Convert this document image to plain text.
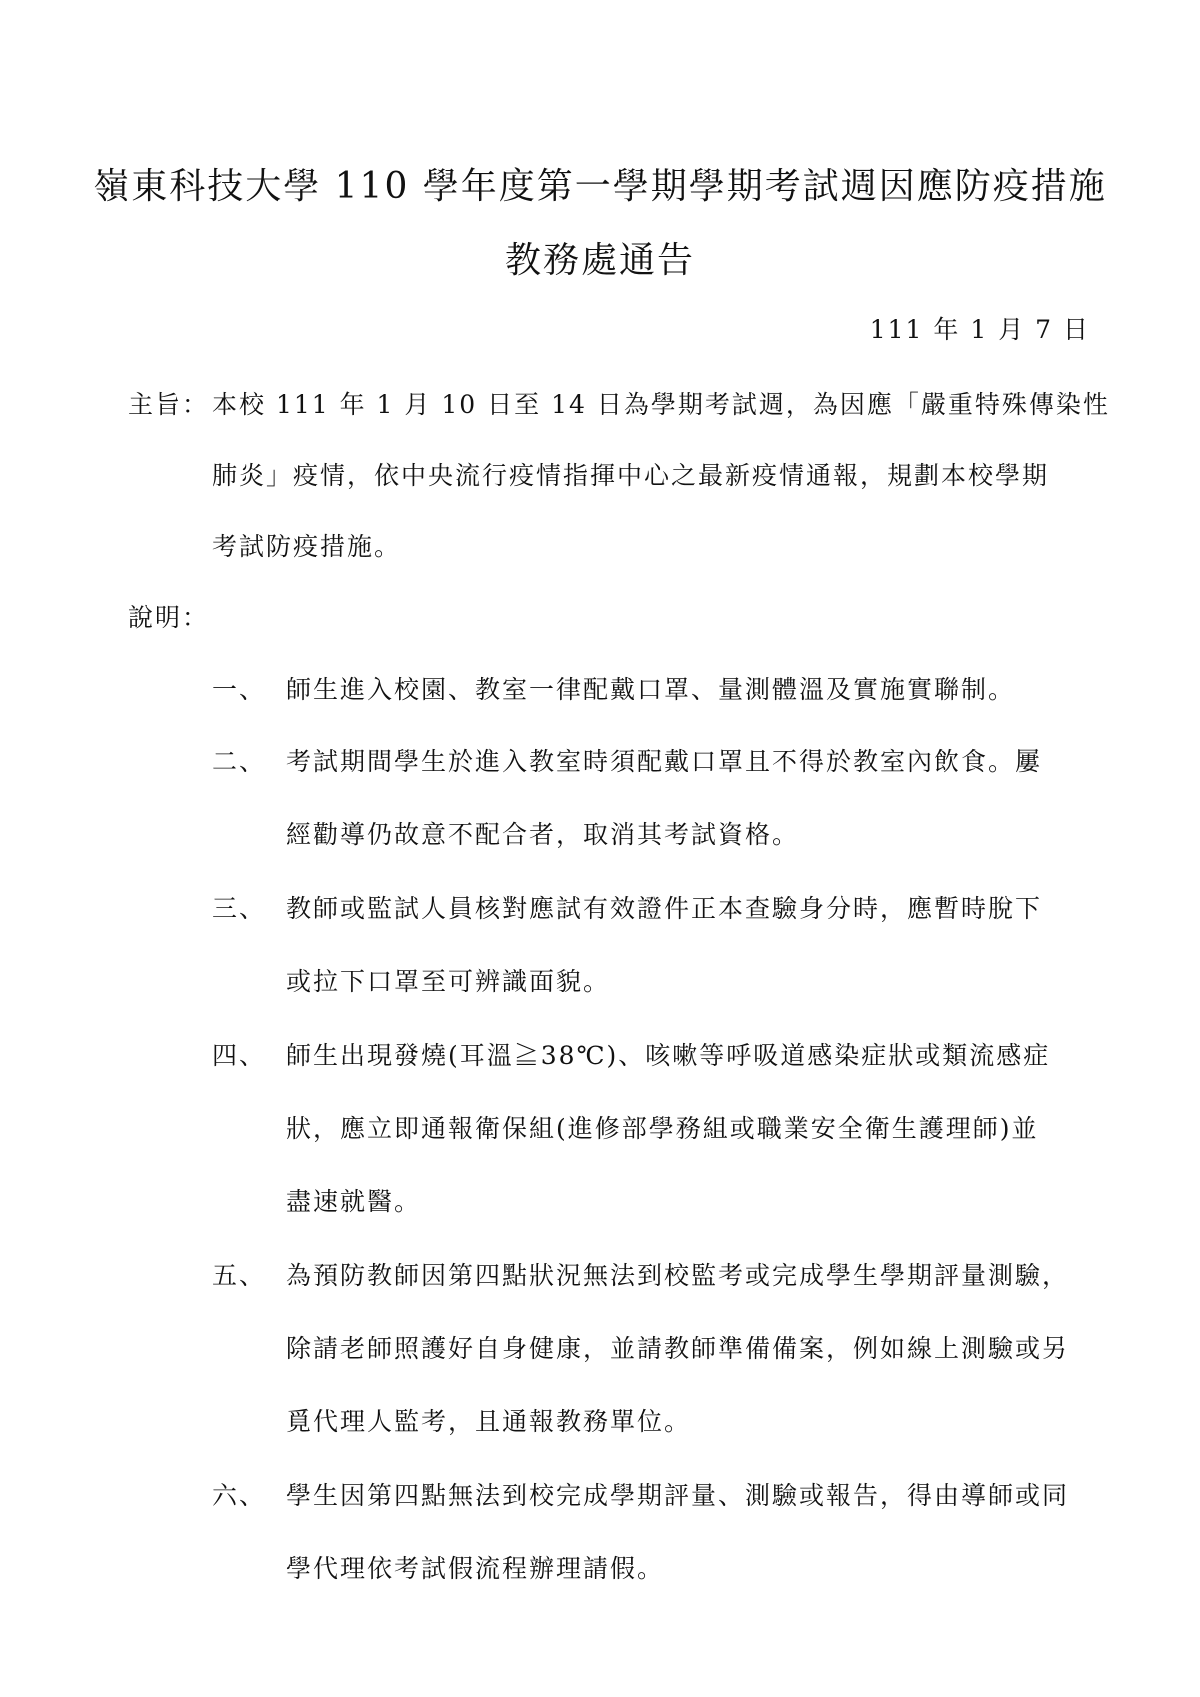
嶺東科技大學 110 學年度第一學期學期考試週因應防疫措施
教務處通告
111 年 1 月 7 日
主旨： 本校 111 年 1 月 10 日至 14 日為學期考試週，為因應「嚴重特殊傳染性
肺炎」疫情，依中央流行疫情指揮中心之最新疫情通報，規劃本校學期
考試防疫措施。
說明：
一、 師生進入校園、教室一律配戴口罩、量測體溫及實施實聯制。
二、 考試期間學生於進入教室時須配戴口罩且不得於教室內飲食。屢
經勸導仍故意不配合者，取消其考試資格。
三、 教師或監試人員核對應試有效證件正本查驗身分時，應暫時脫下
或拉下口罩至可辨識面貌。
四、 師生出現發燒(耳溫≧38℃)、咳嗽等呼吸道感染症狀或類流感症
狀，應立即通報衛保組(進修部學務組或職業安全衛生護理師)並
盡速就醫。
五、 為預防教師因第四點狀況無法到校監考或完成學生學期評量測驗，
除請老師照護好自身健康，並請教師準備備案，例如線上測驗或另
覓代理人監考，且通報教務單位。
六、 學生因第四點無法到校完成學期評量、測驗或報告，得由導師或同
學代理依考試假流程辦理請假。
